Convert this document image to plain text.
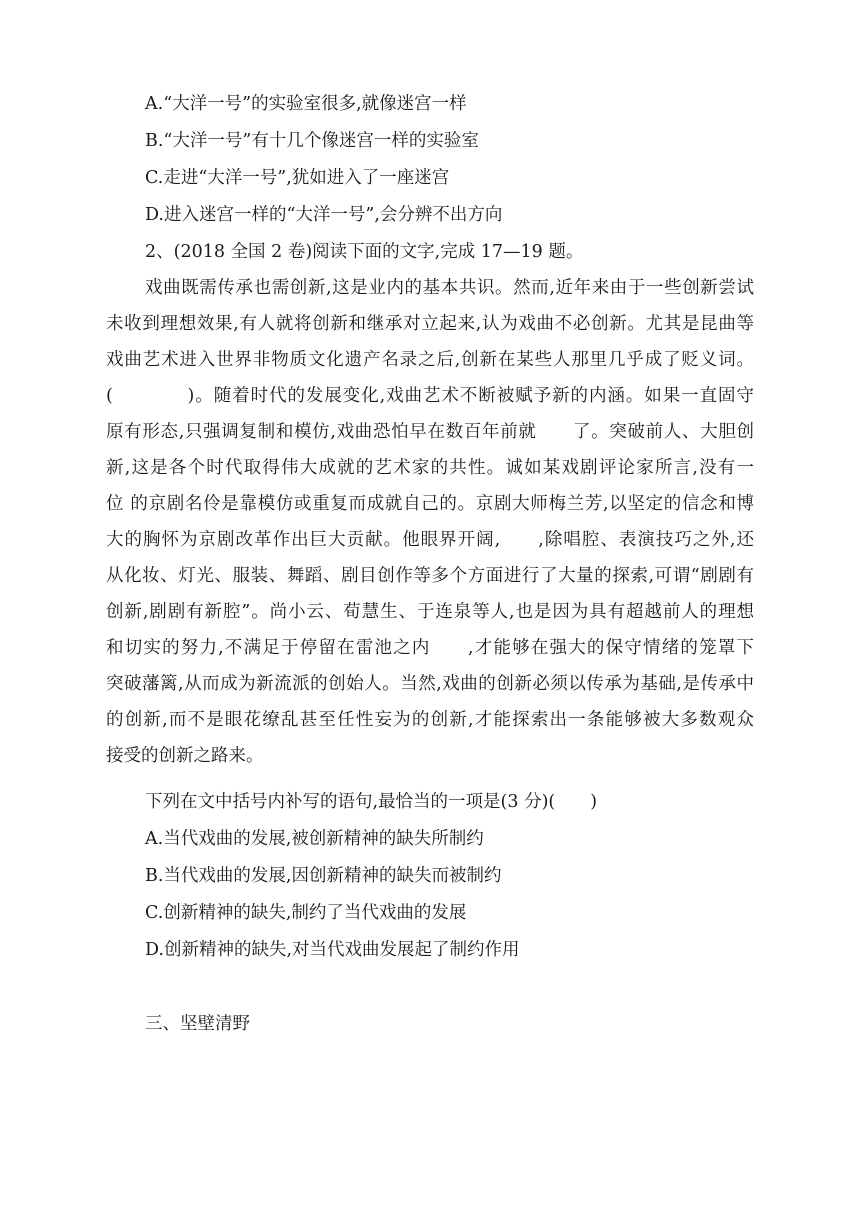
A.“大洋一号”的实验室很多,就像迷宫一样
B.“大洋一号”有十几个像迷宫一样的实验室
C.走进“大洋一号”,犹如进入了一座迷宫
D.进入迷宫一样的“大洋一号”,会分辨不出方向
2、(2018 全国 2 卷)阅读下面的文字,完成 17—19 题。
戏曲既需传承也需创新,这是业内的基本共识。然而,近年来由于一些创新尝试
未收到理想效果,有人就将创新和继承对立起来,认为戏曲不必创新。尤其是昆曲等
戏曲艺术进入世界非物质文化遗产名录之后,创新在某些人那里几乎成了贬义词。
(　　　　)。随着时代的发展变化,戏曲艺术不断被赋予新的内涵。如果一直固守
原有形态,只强调复制和模仿,戏曲恐怕早在数百年前就　　了。突破前人、大胆创
新,这是各个时代取得伟大成就的艺术家的共性。诚如某戏剧评论家所言,没有一
位 的京剧名伶是靠模仿或重复而成就自己的。京剧大师梅兰芳,以坚定的信念和博
大的胸怀为京剧改革作出巨大贡献。他眼界开阔,　　,除唱腔、表演技巧之外,还
从化妆、灯光、服装、舞蹈、剧目创作等多个方面进行了大量的探索,可谓“剧剧有
创新,剧剧有新腔”。尚小云、荀慧生、于连泉等人,也是因为具有超越前人的理想
和切实的努力,不满足于停留在雷池之内　　,才能够在强大的保守情绪的笼罩下
突破藩篱,从而成为新流派的创始人。当然,戏曲的创新必须以传承为基础,是传承中
的创新,而不是眼花缭乱甚至任性妄为的创新,才能探索出一条能够被大多数观众
接受的创新之路来。
下列在文中括号内补写的语句,最恰当的一项是(3 分)(　　)
A.当代戏曲的发展,被创新精神的缺失所制约
B.当代戏曲的发展,因创新精神的缺失而被制约
C.创新精神的缺失,制约了当代戏曲的发展
D.创新精神的缺失,对当代戏曲发展起了制约作用
三、坚壁清野
